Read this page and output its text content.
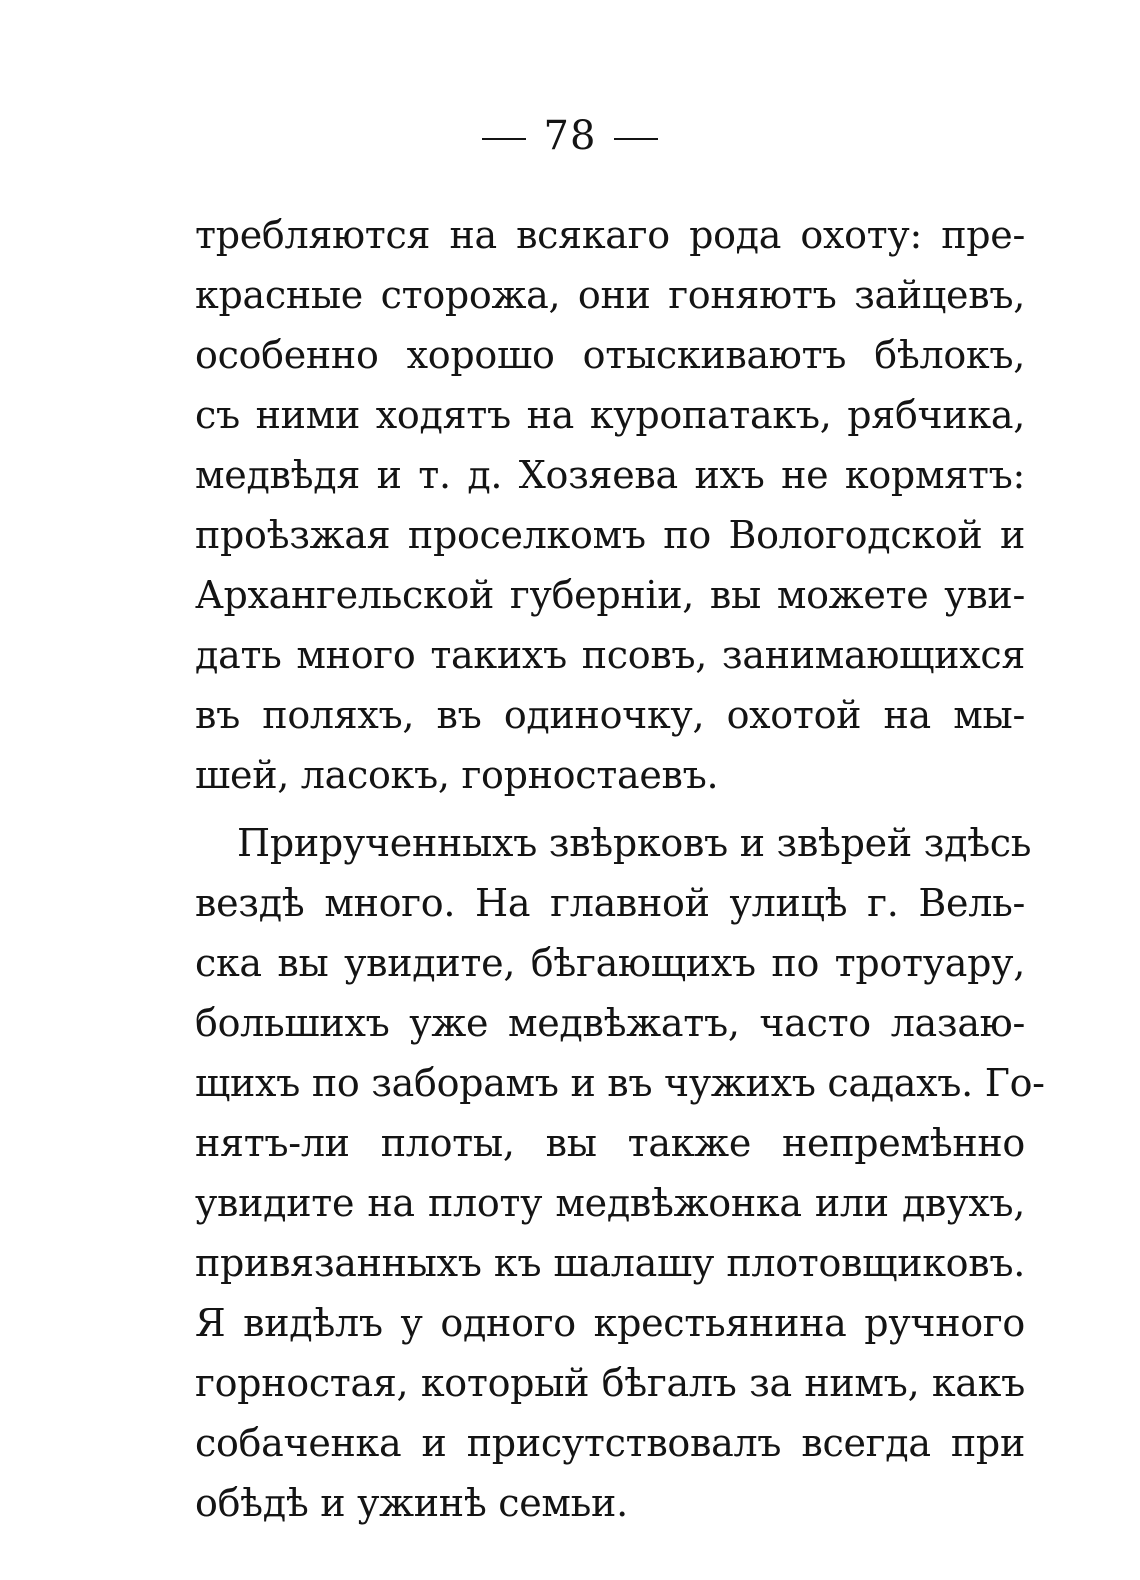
78
требляются на всякаго рода охоту: пре-
красные сторожа, они гоняютъ зайцевъ,
особенно хорошо отыскиваютъ бѣлокъ,
съ ними ходятъ на куропатакъ, рябчика,
медвѣдя и т. д. Хозяева ихъ не кормятъ:
проѣзжая проселкомъ по Вологодской и
Архангельской губерніи, вы можете уви-
дать много такихъ псовъ, занимающихся
въ поляхъ, въ одиночку, охотой на мы-
шей, ласокъ, горностаевъ.
Прирученныхъ звѣрковъ и звѣрей здѣсь
вездѣ много. На главной улицѣ г. Вель-
ска вы увидите, бѣгающихъ по тротуару,
большихъ уже медвѣжатъ, часто лазаю-
щихъ по заборамъ и въ чужихъ садахъ. Го-
нятъ-ли плоты, вы также непремѣнно
увидите на плоту медвѣжонка или двухъ,
привязанныхъ къ шалашу плотовщиковъ.
Я видѣлъ у одного крестьянина ручного
горностая, который бѣгалъ за нимъ, какъ
собаченка и присутствовалъ всегда при
обѣдѣ и ужинѣ семьи.
